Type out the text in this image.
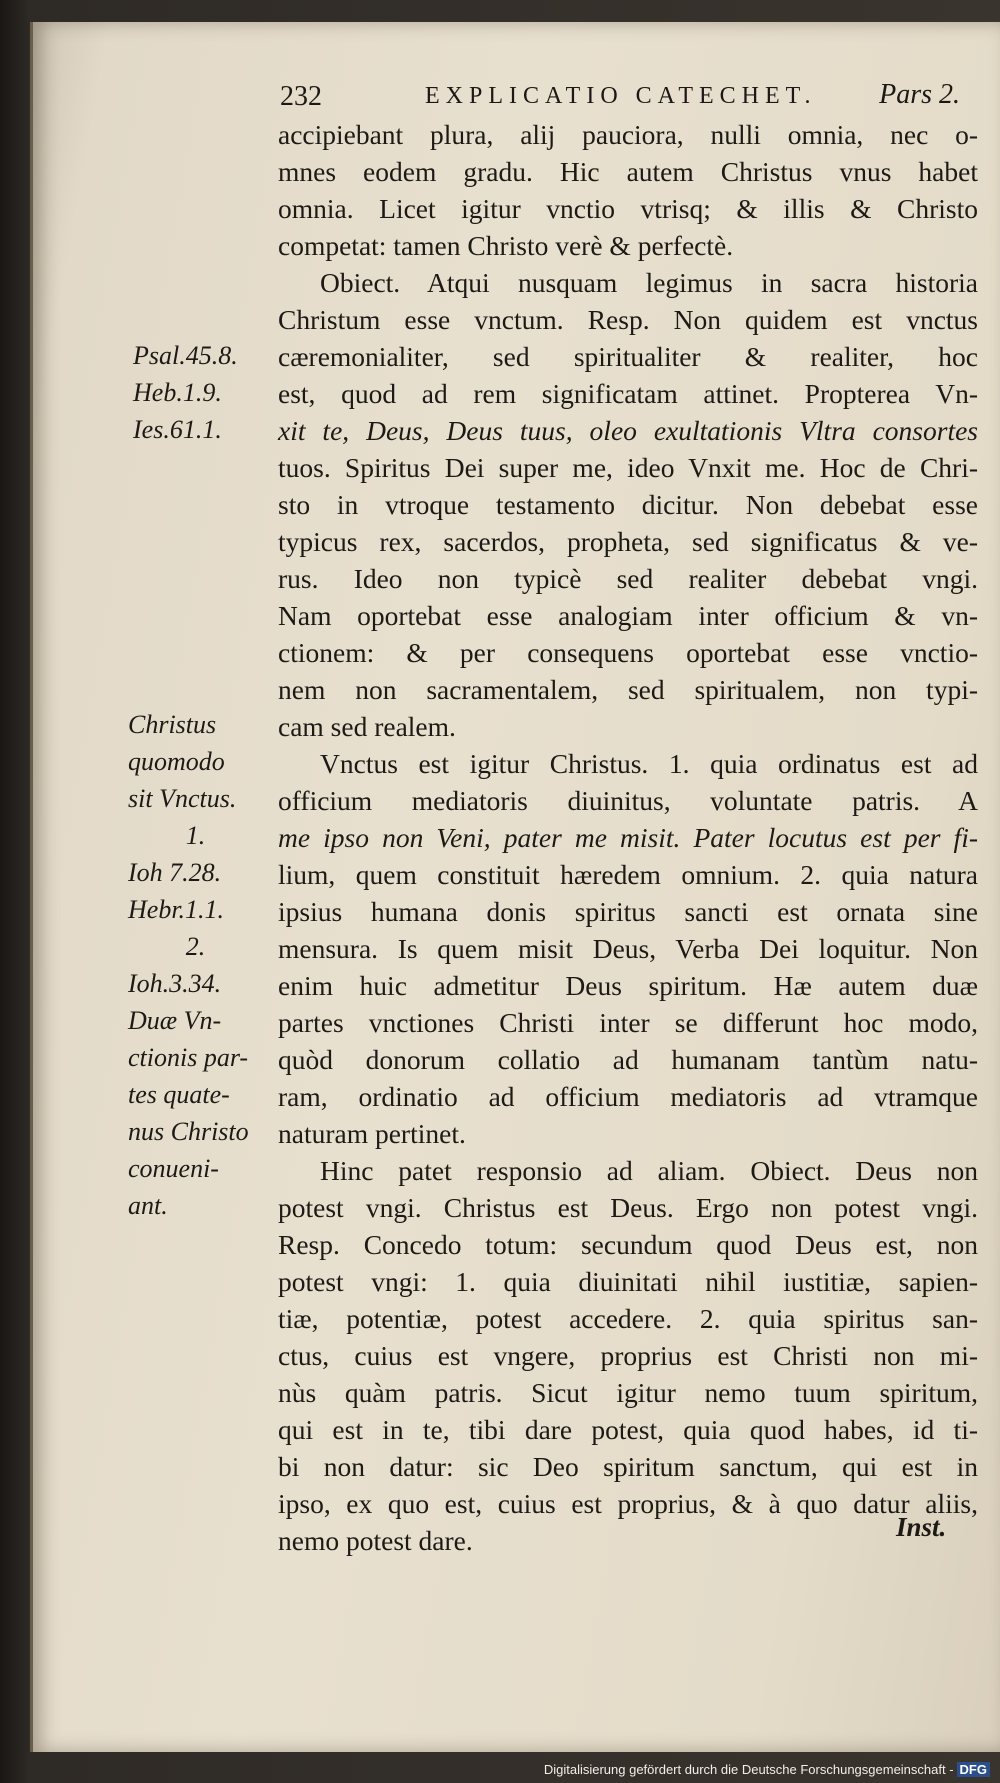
232	EXPLICATIO CATECHET. Pars 2.
Psal.45.8.
Heb.1.9.
Ies.61.1.
Christus
quomodo
sit Vnctus.
1.
Ioh 7.28.
Hebr.1.1.
2.
Ioh.3.34.
Duæ Vn-
ctionis par-
tes quate-
nus Christo
conueni-
ant.
accipiebant plura, alij pauciora, nulli omnia, nec o-
mnes eodem gradu. Hic autem Christus vnus habet
omnia. Licet igitur vnctio vtrisq; & illis & Christo
competat: tamen Christo verè & perfectè.
Obiect. Atqui nusquam legimus in sacra historia
Christum esse vnctum. Resp. Non quidem est vnctus
cæremonialiter, sed spiritualiter & realiter, hoc
est, quod ad rem significatam attinet. Propterea Vn-
xit te, Deus, Deus tuus, oleo exultationis Vltra consortes
tuos. Spiritus Dei super me, ideo Vnxit me. Hoc de Chri-
sto in vtroque testamento dicitur. Non debebat esse
typicus rex, sacerdos, propheta, sed significatus & ve-
rus. Ideo non typicè sed realiter debebat vngi.
Nam oportebat esse analogiam inter officium & vn-
ctionem: & per consequens oportebat esse vnctio-
nem non sacramentalem, sed spiritualem, non typi-
cam sed realem.
Vnctus est igitur Christus. 1. quia ordinatus est ad
officium mediatoris diuinitus, voluntate patris. A
me ipso non Veni, pater me misit. Pater locutus est per fi-
lium, quem constituit hæredem omnium. 2. quia natura
ipsius humana donis spiritus sancti est ornata sine
mensura. Is quem misit Deus, Verba Dei loquitur. Non
enim huic admetitur Deus spiritum. Hæ autem duæ
partes vnctiones Christi inter se differunt hoc modo,
quòd donorum collatio ad humanam tantùm natu-
ram, ordinatio ad officium mediatoris ad vtramque
naturam pertinet.
Hinc patet responsio ad aliam. Obiect. Deus non
potest vngi. Christus est Deus. Ergo non potest vngi.
Resp. Concedo totum: secundum quod Deus est, non
potest vngi: 1. quia diuinitati nihil iustitiæ, sapien-
tiæ, potentiæ, potest accedere. 2. quia spiritus san-
ctus, cuius est vngere, proprius est Christi non mi-
nùs quàm patris. Sicut igitur nemo tuum spiritum,
qui est in te, tibi dare potest, quia quod habes, id ti-
bi non datur: sic Deo spiritum sanctum, qui est in
ipso, ex quo est, cuius est proprius, & à quo datur aliis,
nemo potest dare.	Inst.
Digitalisierung gefördert durch die Deutsche Forschungsgemeinschaft - DFG
